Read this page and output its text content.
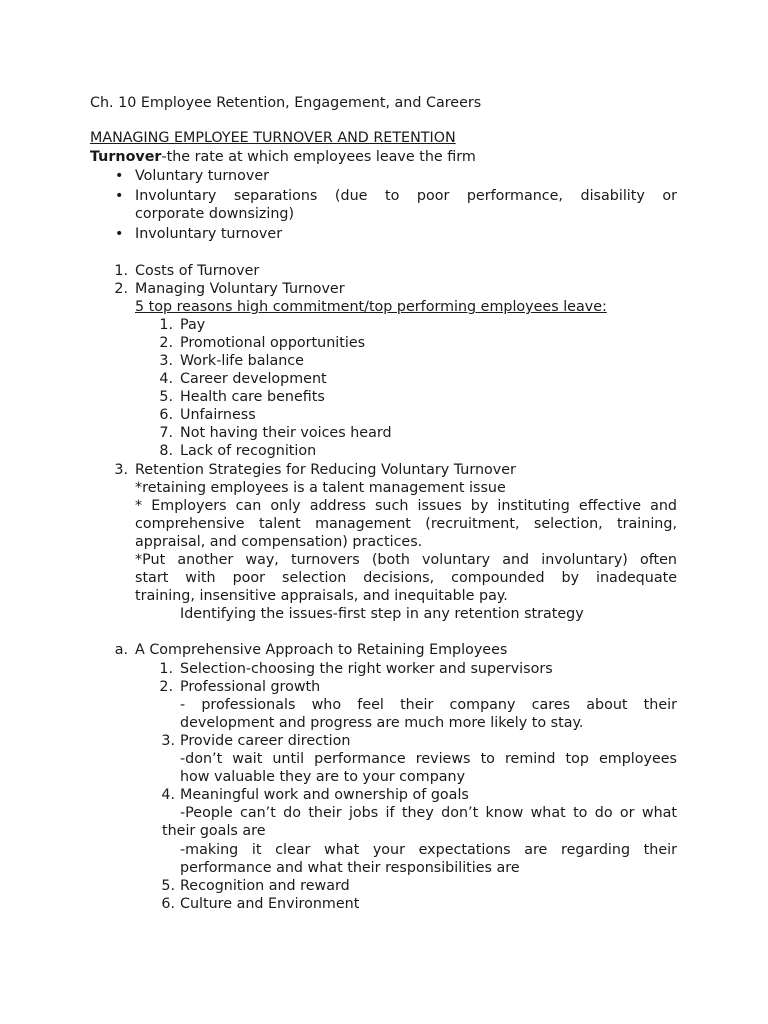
Ch. 10 Employee Retention, Engagement, and Careers
MANAGING EMPLOYEE TURNOVER AND RETENTION
Turnover-the rate at which employees leave the firm
• Voluntary turnover
• Involuntary separations (due to poor performance, disability or
corporate downsizing)
• Involuntary turnover
1. Costs of Turnover
2. Managing Voluntary Turnover
5 top reasons high commitment/top performing employees leave:
1. Pay
2. Promotional opportunities
3. Work-life balance
4. Career development
5. Health care benefits
6. Unfairness
7. Not having their voices heard
8. Lack of recognition
3. Retention Strategies for Reducing Voluntary Turnover
*retaining employees is a talent management issue
* Employers can only address such issues by instituting effective and
comprehensive talent management (recruitment, selection, training,
appraisal, and compensation) practices.
*Put another way, turnovers (both voluntary and involuntary) often
start with poor selection decisions, compounded by inadequate
training, insensitive appraisals, and inequitable pay.
Identifying the issues-first step in any retention strategy
a. A Comprehensive Approach to Retaining Employees
1. Selection-choosing the right worker and supervisors
2. Professional growth
- professionals who feel their company cares about their
development and progress are much more likely to stay.
3. Provide career direction
-don’t wait until performance reviews to remind top employees
how valuable they are to your company
4. Meaningful work and ownership of goals
-People can’t do their jobs if they don’t know what to do or what
their goals are
-making it clear what your expectations are regarding their
performance and what their responsibilities are
5. Recognition and reward
6. Culture and Environment
